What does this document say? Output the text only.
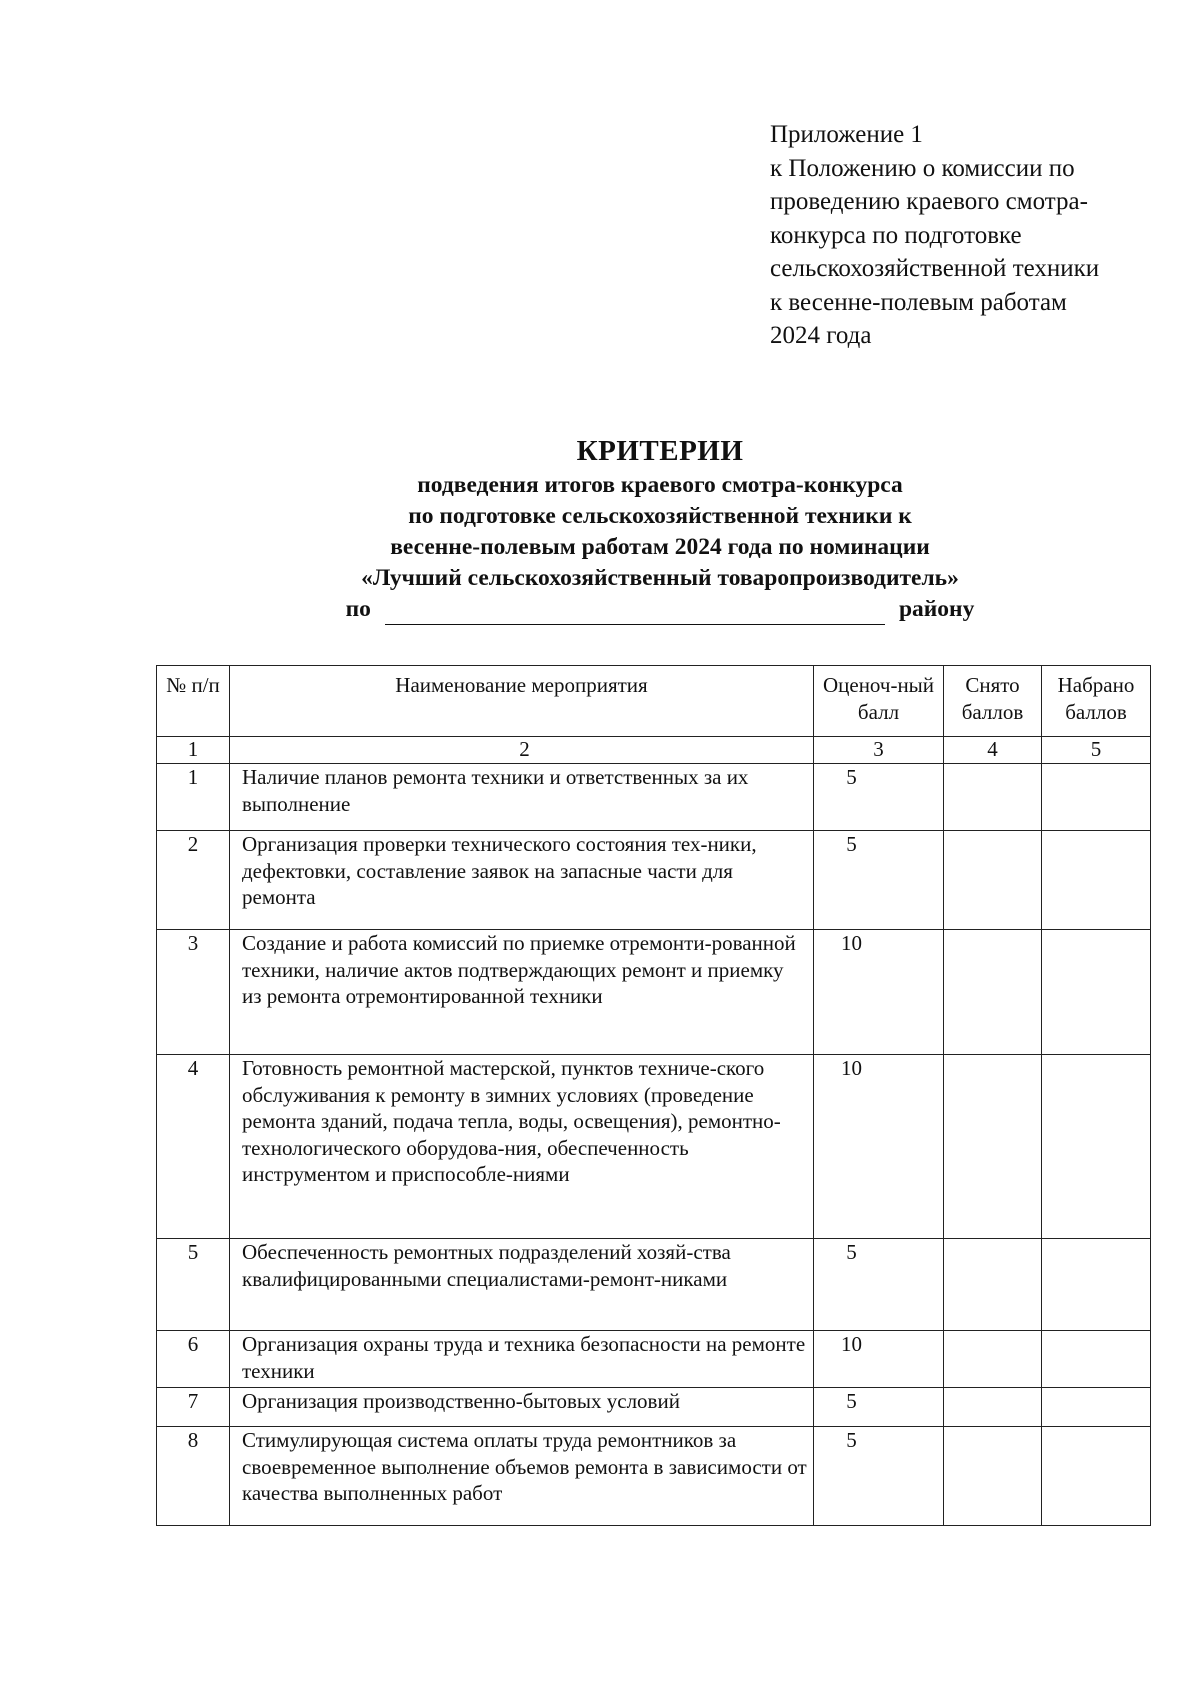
Приложение 1
к Положению о комиссии по
проведению краевого смотра-
конкурса по подготовке
сельскохозяйственной техники
к весенне-полевым работам
2024 года
КРИТЕРИИ
подведения итогов краевого смотра-конкурса
по подготовке сельскохозяйственной техники к
весенне-полевым работам 2024 года по номинации
«Лучший сельскохозяйственный товаропроизводитель»
по	району
№ п/п	Наименование мероприятия	Оценоч-ный балл	Снято баллов	Набрано баллов
1	2	3	4	5
1	Наличие планов ремонта техники и ответственных за их выполнение	5		
2	Организация проверки технического состояния тех-ники, дефектовки, составление заявок на запасные части для ремонта	5		
3	Создание и работа комиссий по приемке отремонти-рованной техники, наличие актов подтверждающих ремонт и приемку из ремонта отремонтированной техники	10		
4	Готовность ремонтной мастерской, пунктов техниче-ского обслуживания к ремонту в зимних условиях (проведение ремонта зданий, подача тепла, воды, освещения), ремонтно-технологического оборудова-ния, обеспеченность инструментом и приспособле-ниями	10		
5	Обеспеченность ремонтных подразделений хозяй-ства квалифицированными специалистами-ремонт-никами	5		
6	Организация охраны труда и техника безопасности на ремонте техники	10		
7	Организация производственно-бытовых условий	5		
8	Стимулирующая система оплаты труда ремонтников за своевременное выполнение объемов ремонта в зависимости от качества выполненных работ	5		
